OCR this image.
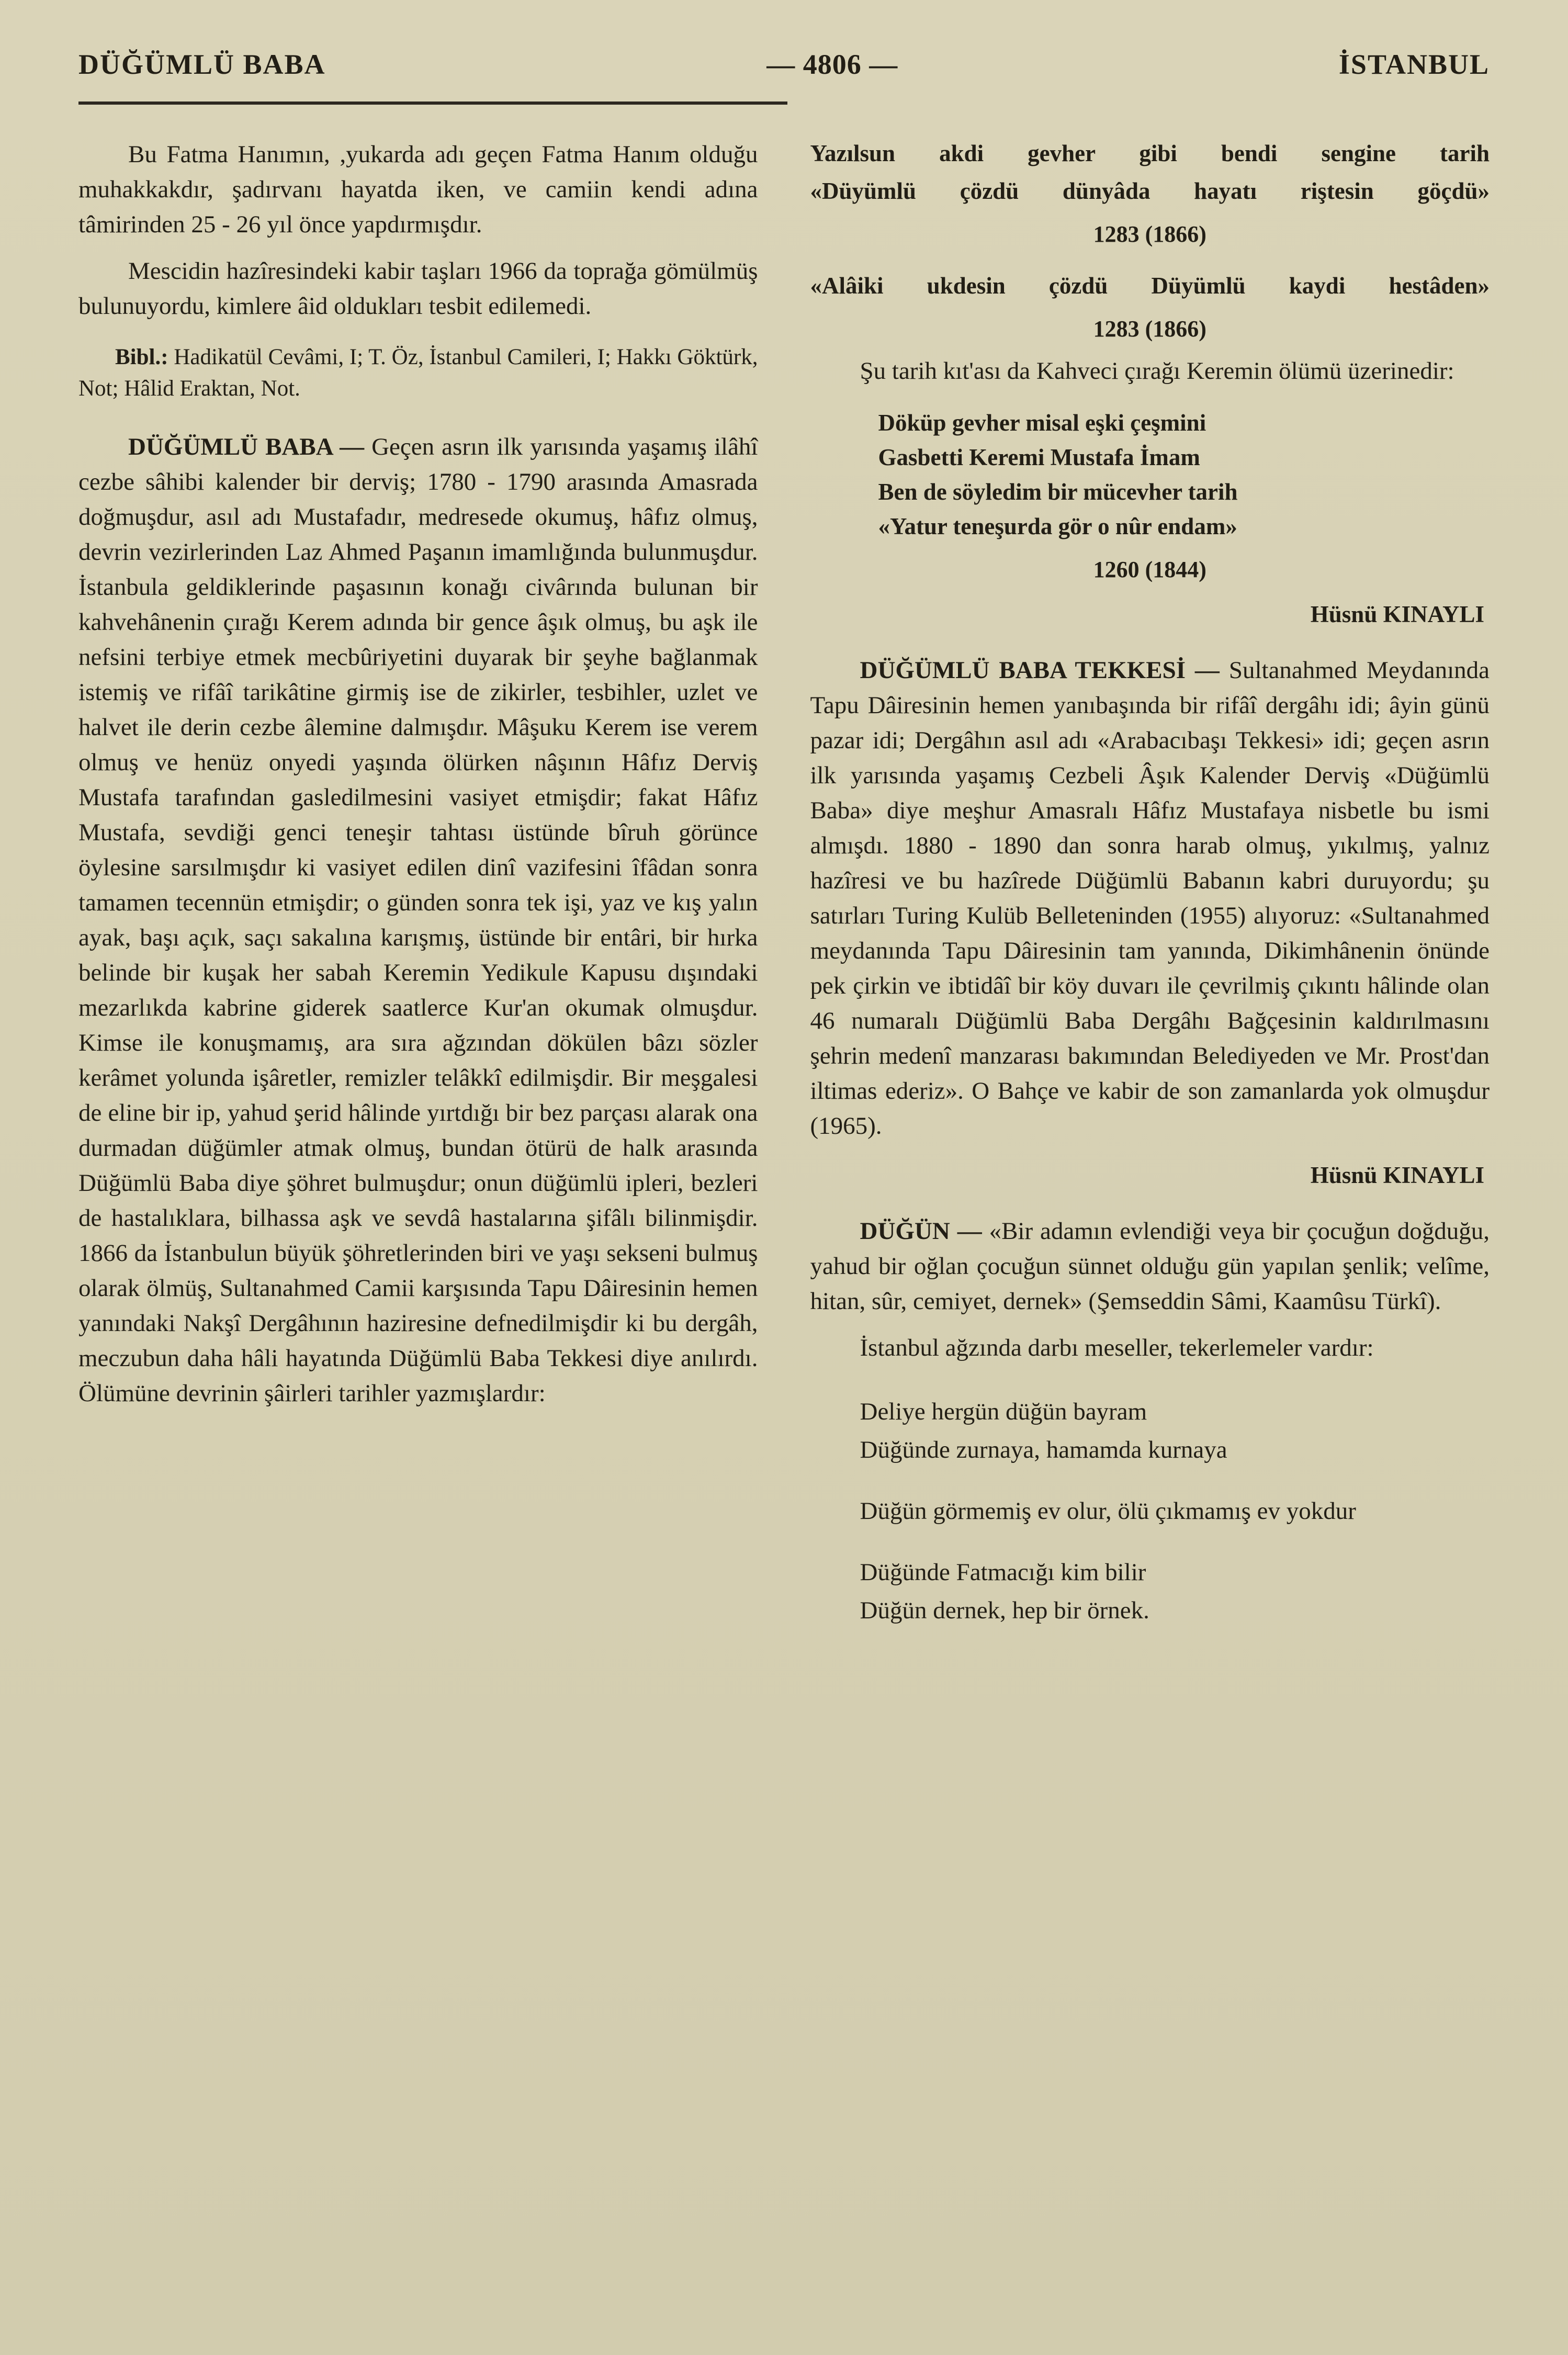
DÜĞÜMLÜ BABA	— 4806 —	İSTANBUL

Bu Fatma Hanımın, ,yukarda adı geçen Fatma Hanım olduğu muhakkakdır, şadırvanı hayatda iken, ve camiin kendi adına tâmirinden 25 - 26 yıl önce yapdırmışdır.

Mescidin hazîresindeki kabir taşları 1966 da toprağa gömülmüş bulunuyordu, kimlere âid oldukları tesbit edilemedi.

Bibl.: Hadikatül Cevâmi, I; T. Öz, İstanbul Camileri, I; Hakkı Göktürk, Not; Hâlid Eraktan, Not.

DÜĞÜMLÜ BABA — Geçen asrın ilk yarısında yaşamış ilâhî cezbe sâhibi kalender bir derviş; 1780 - 1790 arasında Amasrada doğmuşdur, asıl adı Mustafadır, medresede okumuş, hâfız olmuş, devrin vezirlerinden Laz Ahmed Paşanın imamlığında bulunmuşdur. İstanbula geldiklerinde paşasının konağı civârında bulunan bir kahvehânenin çırağı Kerem adında bir gence âşık olmuş, bu aşk ile nefsini terbiye etmek mecbûriyetini duyarak bir şeyhe bağlanmak istemiş ve rifâî tarikâtine girmiş ise de zikirler, tesbihler, uzlet ve halvet ile derin cezbe âlemine dalmışdır. Mâşuku Kerem ise verem olmuş ve henüz onyedi yaşında ölürken nâşının Hâfız Derviş Mustafa tarafından gasledilmesini vasiyet etmişdir; fakat Hâfız Mustafa, sevdiği genci teneşir tahtası üstünde bîruh görünce öylesine sarsılmışdır ki vasiyet edilen dinî vazifesini îfâdan sonra tamamen tecennün etmişdir; o günden sonra tek işi, yaz ve kış yalın ayak, başı açık, saçı sakalına karışmış, üstünde bir entâri, bir hırka belinde bir kuşak her sabah Keremin Yedikule Kapusu dışındaki mezarlıkda kabrine giderek saatlerce Kur'an okumak olmuşdur. Kimse ile konuşmamış, ara sıra ağzından dökülen bâzı sözler kerâmet yolunda işâretler, remizler telâkkî edilmişdir. Bir meşgalesi de eline bir ip, yahud şerid hâlinde yırtdığı bir bez parçası alarak ona durmadan düğümler atmak olmuş, bundan ötürü de halk arasında Düğümlü Baba diye şöhret bulmuşdur; onun düğümlü ipleri, bezleri de hastalıklara, bilhassa aşk ve sevdâ hastalarına şifâlı bilinmişdir. 1866 da İstanbulun büyük şöhretlerinden biri ve yaşı sekseni bulmuş olarak ölmüş, Sultanahmed Camii karşısında Tapu Dâiresinin hemen yanındaki Nakşî Dergâhının haziresine defnedilmişdir ki bu dergâh, meczubun daha hâli hayatında Düğümlü Baba Tekkesi diye anılırdı. Ölümüne devrinin şâirleri tarihler yazmışlardır:

Yazılsun akdi gevher gibi bendi sengine tarih

«Düyümlü çözdü dünyâda hayatı riştesin göçdü»

1283 (1866)

«Alâiki ukdesin çözdü Düyümlü kaydi hestâden»

1283 (1866)

Şu tarih kıt'ası da Kahveci çırağı Keremin ölümü üzerinedir:

Döküp gevher misal eşki çeşmini

Gasbetti Keremi Mustafa İmam

Ben de söyledim bir mücevher tarih

«Yatur teneşurda gör o nûr endam»

1260 (1844)

Hüsnü KINAYLI

DÜĞÜMLÜ BABA TEKKESİ — Sultanahmed Meydanında Tapu Dâiresinin hemen yanıbaşında bir rifâî dergâhı idi; âyin günü pazar idi; Dergâhın asıl adı «Arabacıbaşı Tekkesi» idi; geçen asrın ilk yarısında yaşamış Cezbeli Âşık Kalender Derviş «Düğümlü Baba» diye meşhur Amasralı Hâfız Mustafaya nisbetle bu ismi almışdı. 1880 - 1890 dan sonra harab olmuş, yıkılmış, yalnız hazîresi ve bu hazîrede Düğümlü Babanın kabri duruyordu; şu satırları Turing Kulüb Belleteninden (1955) alıyoruz: «Sultanahmed meydanında Tapu Dâiresinin tam yanında, Dikimhânenin önünde pek çirkin ve ibtidâî bir köy duvarı ile çevrilmiş çıkıntı hâlinde olan 46 numaralı Düğümlü Baba Dergâhı Bağçesinin kaldırılmasını şehrin medenî manzarası bakımından Belediyeden ve Mr. Prost'dan iltimas ederiz». O Bahçe ve kabir de son zamanlarda yok olmuşdur (1965).

Hüsnü KINAYLI

DÜĞÜN — «Bir adamın evlendiği veya bir çocuğun doğduğu, yahud bir oğlan çocuğun sünnet olduğu gün yapılan şenlik; velîme, hitan, sûr, cemiyet, dernek» (Şemseddin Sâmi, Kaamûsu Türkî).

İstanbul ağzında darbı meseller, tekerlemeler vardır:

Deliye hergün düğün bayram

Düğünde zurnaya, hamamda kurnaya

Düğün görmemiş ev olur, ölü çıkmamış ev yokdur

Düğünde Fatmacığı kim bilir

Düğün dernek, hep bir örnek.
